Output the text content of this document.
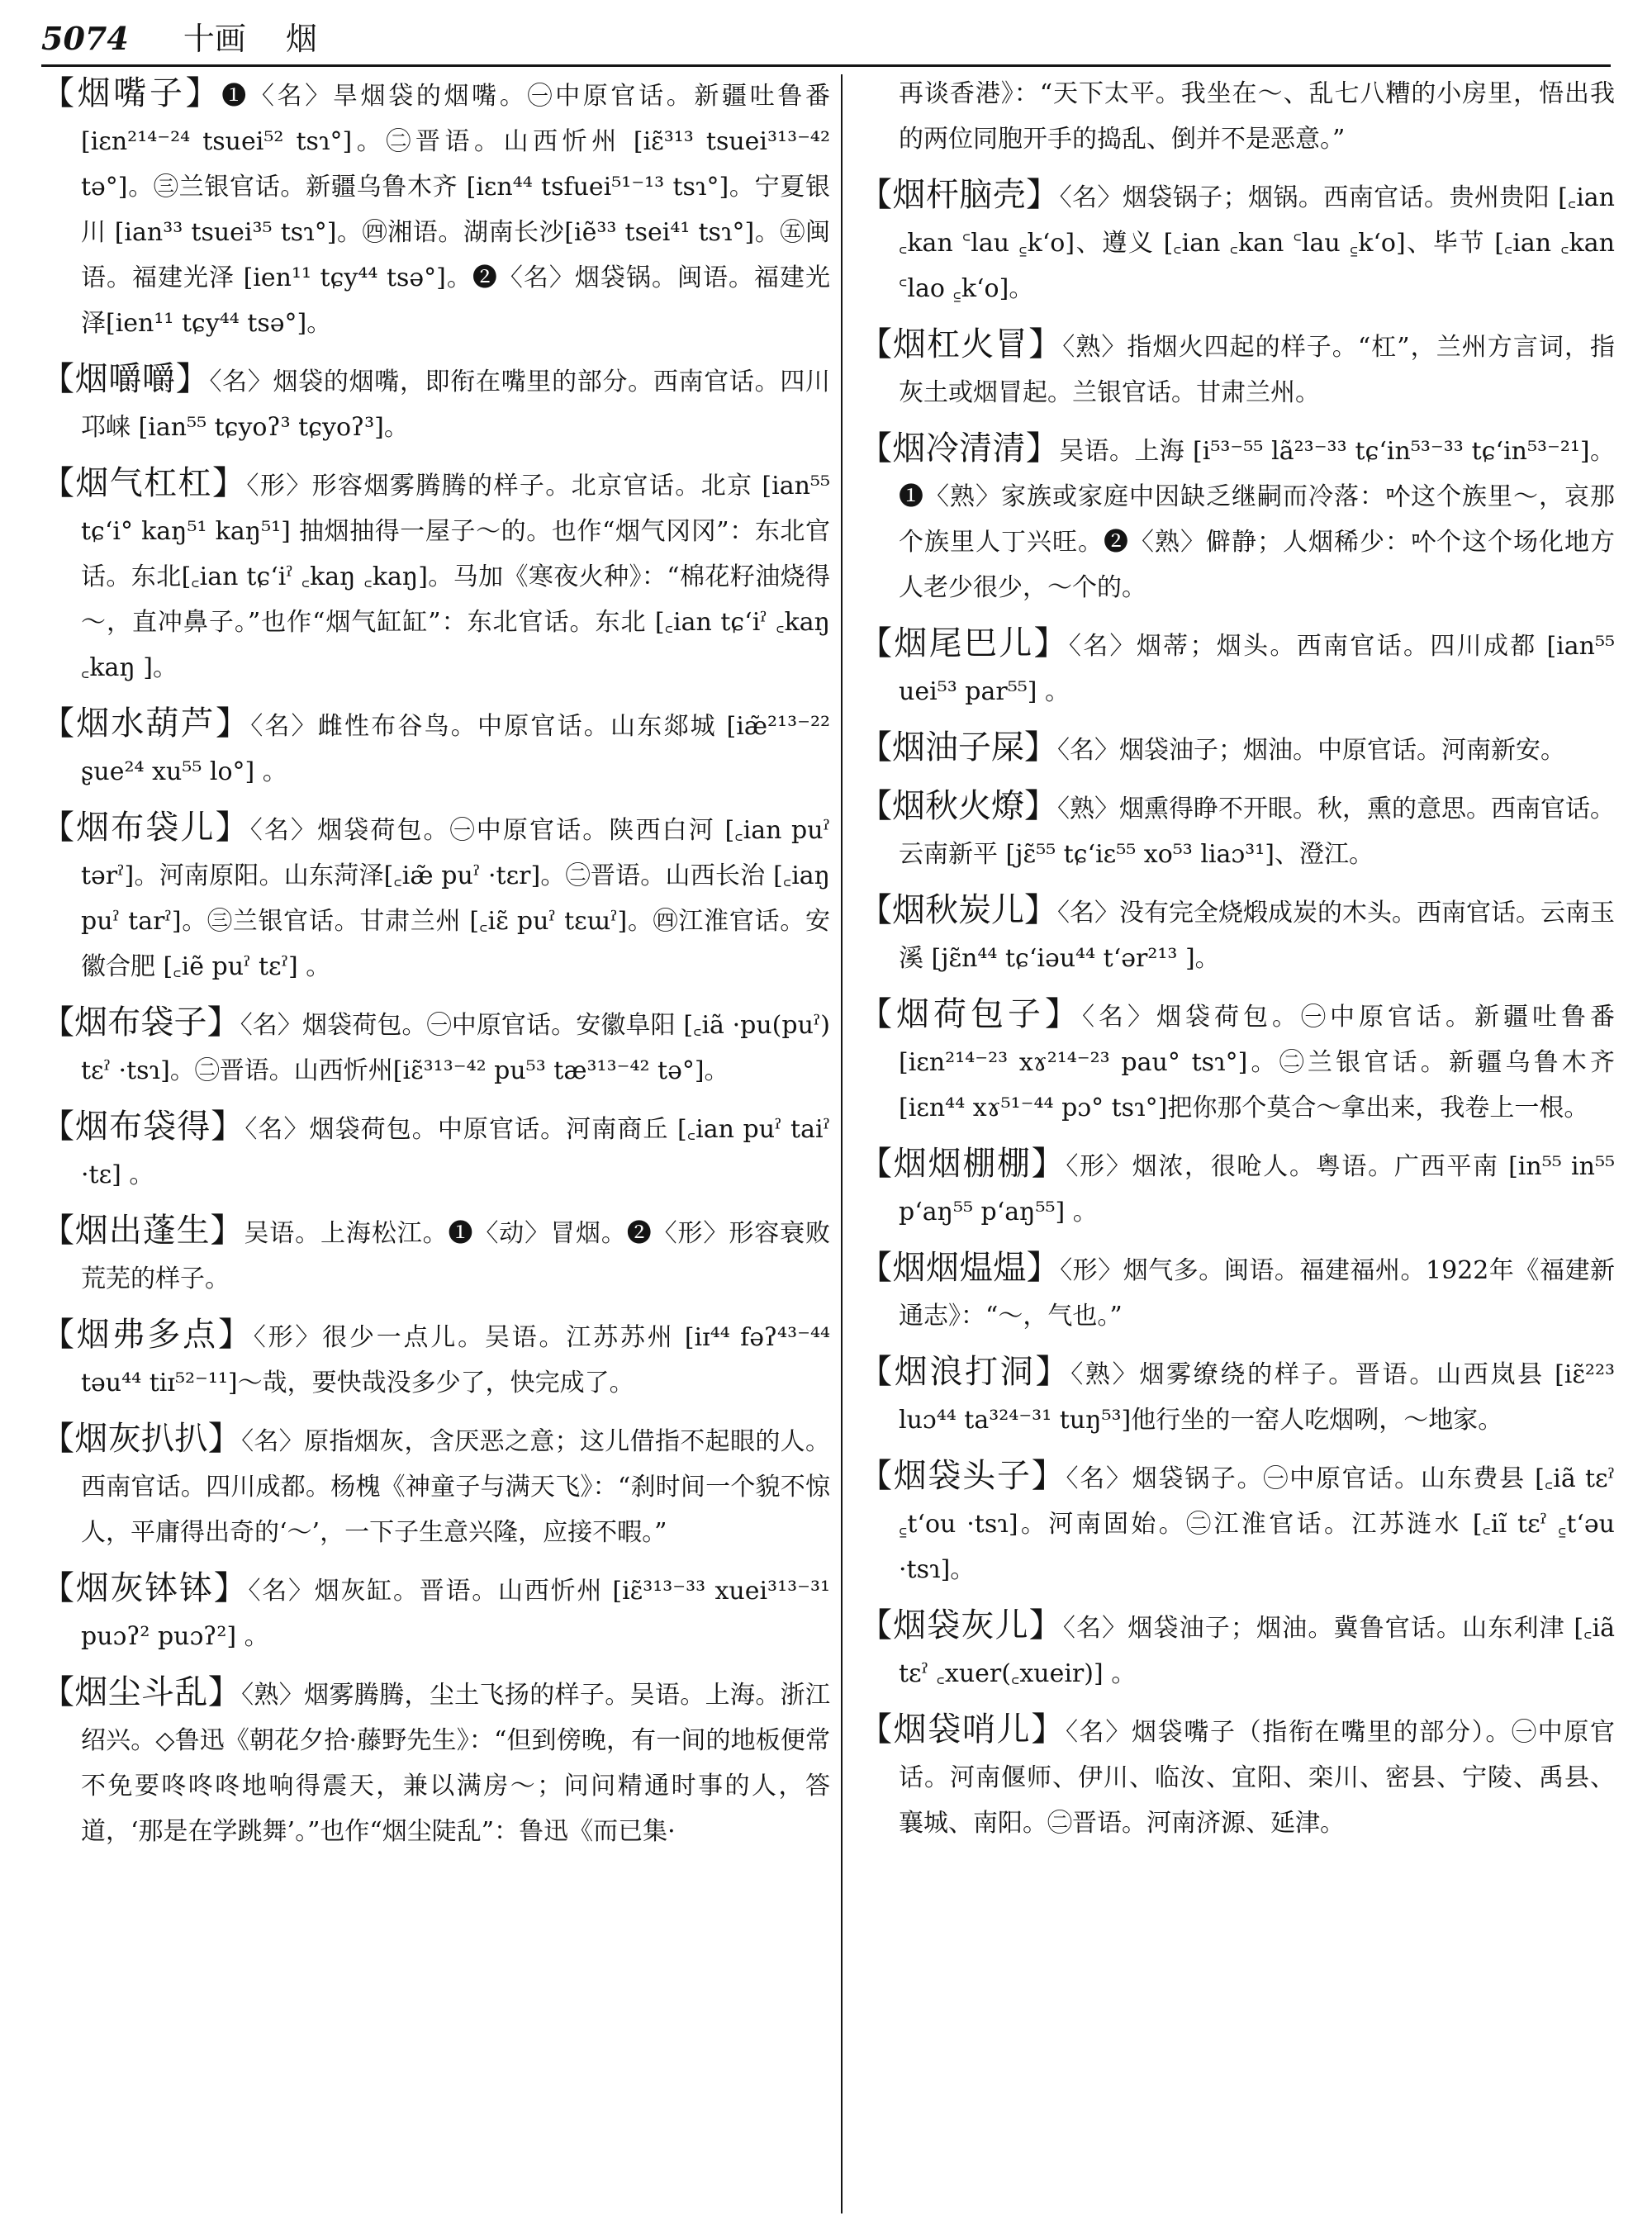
5074 十画 烟
【烟嘴子】❶〈名〉旱烟袋的烟嘴。㊀中原官话。新疆吐鲁番 [iɛn²¹⁴⁻²⁴ tsuei⁵² tsɿ°]。㊁晋语。山西忻州 [iɛ̃³¹³ tsuei³¹³⁻⁴² tə°]。㊂兰银官话。新疆乌鲁木齐 [iɛn⁴⁴ tsfuei⁵¹⁻¹³ tsɿ°]。宁夏银川 [ian³³ tsuei³⁵ tsɿ°]。㊃湘语。湖南长沙[iẽ³³ tsei⁴¹ tsɿ°]。㊄闽语。福建光泽 [ien¹¹ tɕy⁴⁴ tsə°]。❷〈名〉烟袋锅。闽语。福建光泽[ien¹¹ tɕy⁴⁴ tsə°]。
【烟嚼嚼】〈名〉烟袋的烟嘴，即衔在嘴里的部分。西南官话。四川邛崃 [ian⁵⁵ tɕyoʔ³ tɕyoʔ³]。
【烟气杠杠】〈形〉形容烟雾腾腾的样子。北京官话。北京 [ian⁵⁵ tɕʻi° kaŋ⁵¹ kaŋ⁵¹] 抽烟抽得一屋子～的。也作“烟气冈冈”：东北官话。东北[꜀ian tɕʻiˀ ꜀kaŋ ꜀kaŋ]。马加《寒夜火种》：“棉花籽油烧得～，直冲鼻子。”也作“烟气缸缸”：东北官话。东北 [꜀ian tɕʻiˀ ꜀kaŋ ꜀kaŋ ]。
【烟水葫芦】〈名〉雌性布谷鸟。中原官话。山东郯城 [iæ̃²¹³⁻²² ʂue²⁴ xu⁵⁵ lo°] 。
【烟布袋儿】〈名〉烟袋荷包。㊀中原官话。陕西白河 [꜀ian puˀ tərˀ]。河南原阳。山东菏泽[꜀iæ̃ puˀ ·tɛr]。㊁晋语。山西长治 [꜀iaŋ puˀ tarˀ]。㊂兰银官话。甘肃兰州 [꜀iɛ̃ puˀ tɛɯˀ]。㊃江淮官话。安徽合肥 [꜀iẽ puˀ tɛˀ] 。
【烟布袋子】〈名〉烟袋荷包。㊀中原官话。安徽阜阳 [꜀iã ·pu(puˀ) tɛˀ ·tsɿ]。㊁晋语。山西忻州[iɛ̃³¹³⁻⁴² pu⁵³ tæ³¹³⁻⁴² tə°]。
【烟布袋得】〈名〉烟袋荷包。中原官话。河南商丘 [꜀ian puˀ taiˀ ·tɛ] 。
【烟出蓬生】吴语。上海松江。❶〈动〉冒烟。❷〈形〉形容衰败荒芜的样子。
【烟弗多点】〈形〉很少一点儿。吴语。江苏苏州 [iɪ⁴⁴ fəʔ⁴³⁻⁴⁴ təu⁴⁴ tiɪ⁵²⁻¹¹]～哉，要快哉没多少了，快完成了。
【烟灰扒扒】〈名〉原指烟灰，含厌恶之意；这儿借指不起眼的人。西南官话。四川成都。杨槐《神童子与满天飞》：“刹时间一个貌不惊人，平庸得出奇的‘～’，一下子生意兴隆，应接不暇。”
【烟灰钵钵】〈名〉烟灰缸。晋语。山西忻州 [iɛ̃³¹³⁻³³ xuei³¹³⁻³¹ puɔʔ² puɔʔ²] 。
【烟尘斗乱】〈熟〉烟雾腾腾，尘土飞扬的样子。吴语。上海。浙江绍兴。◇鲁迅《朝花夕拾·藤野先生》：“但到傍晚，有一间的地板便常不免要咚咚咚地响得震天，兼以满房～；问问精通时事的人，答道，‘那是在学跳舞’。”也作“烟尘陡乱”：鲁迅《而已集·
再谈香港》：“天下太平。我坐在～、乱七八糟的小房里，悟出我的两位同胞开手的捣乱、倒并不是恶意。”
【烟杆脑壳】〈名〉烟袋锅子；烟锅。西南官话。贵州贵阳 [꜀ian ꜀kan ꜂lau ꜁kʻo]、遵义 [꜀ian ꜀kan ꜂lau ꜁kʻo]、毕节 [꜀ian ꜀kan ꜂lao ꜁kʻo]。
【烟杠火冒】〈熟〉指烟火四起的样子。“杠”，兰州方言词，指灰土或烟冒起。兰银官话。甘肃兰州。
【烟冷清清】吴语。上海 [i⁵³⁻⁵⁵ lã²³⁻³³ tɕʻin⁵³⁻³³ tɕʻin⁵³⁻²¹]。❶〈熟〉家族或家庭中因缺乏继嗣而冷落：𠮶这个族里～，哀那个族里人丁兴旺。❷〈熟〉僻静；人烟稀少：𠮶个这个场化地方人老少很少，～个的。
【烟尾巴儿】〈名〉烟蒂；烟头。西南官话。四川成都 [ian⁵⁵ uei⁵³ par⁵⁵] 。
【烟油子屎】〈名〉烟袋油子；烟油。中原官话。河南新安。
【烟秋火燎】〈熟〉烟熏得睁不开眼。秋，熏的意思。西南官话。云南新平 [jɛ̃⁵⁵ tɕʻiɛ⁵⁵ xo⁵³ liaɔ³¹]、澄江。
【烟秋炭儿】〈名〉没有完全烧煅成炭的木头。西南官话。云南玉溪 [jɛ̃n⁴⁴ tɕʻiəu⁴⁴ tʻər²¹³ ]。
【烟荷包子】〈名〉烟袋荷包。㊀中原官话。新疆吐鲁番 [iɛn²¹⁴⁻²³ xɤ²¹⁴⁻²³ pau° tsɿ°]。㊁兰银官话。新疆乌鲁木齐 [iɛn⁴⁴ xɤ⁵¹⁻⁴⁴ pɔ° tsɿ°]把你那个莫合～拿出来，我卷上一根。
【烟烟棚棚】〈形〉烟浓，很呛人。粤语。广西平南 [in⁵⁵ in⁵⁵ pʻaŋ⁵⁵ pʻaŋ⁵⁵] 。
【烟烟煴煴】〈形〉烟气多。闽语。福建福州。1922年《福建新通志》：“～，气也。”
【烟浪打洞】〈熟〉烟雾缭绕的样子。晋语。山西岚县 [iɛ̃²²³ luɔ⁴⁴ ta³²⁴⁻³¹ tuŋ⁵³]他行坐的一窑人吃烟咧，～地家。
【烟袋头子】〈名〉烟袋锅子。㊀中原官话。山东费县 [꜀iã tɛˀ ꜁tʻou ·tsɿ]。河南固始。㊁江淮官话。江苏涟水 [꜀iĩ tɛˀ ꜁tʻəu ·tsɿ]。
【烟袋灰儿】〈名〉烟袋油子；烟油。冀鲁官话。山东利津 [꜀iã tɛˀ ꜀xuer(꜀xueir)] 。
【烟袋哨儿】〈名〉烟袋嘴子（指衔在嘴里的部分）。㊀中原官话。河南偃师、伊川、临汝、宜阳、栾川、密县、宁陵、禹县、襄城、南阳。㊁晋语。河南济源、延津。
